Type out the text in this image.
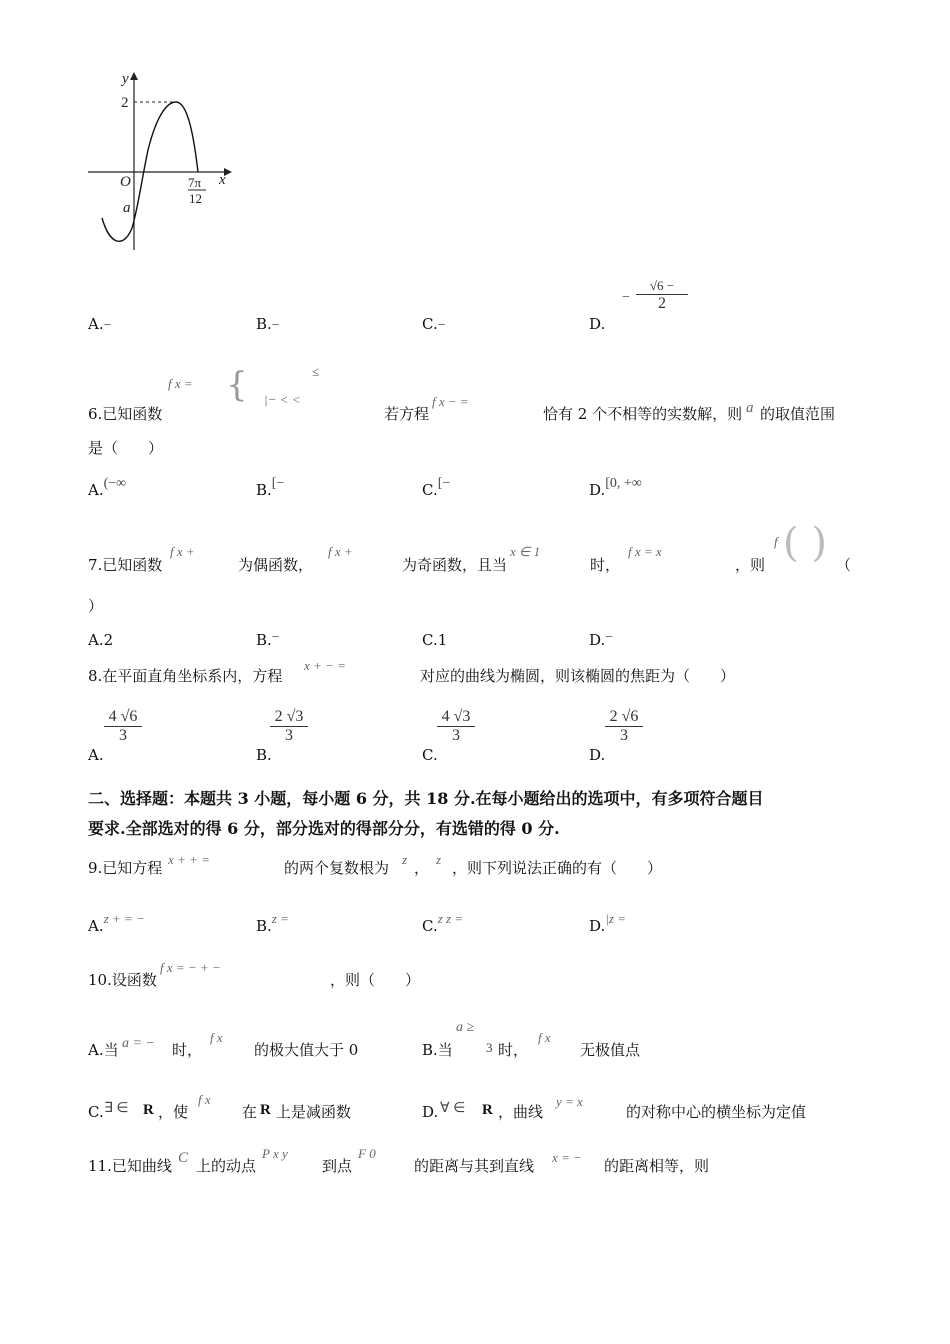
y
x
O
a
2
7π
12
A.−	B.−	C.−	D.
−
√6 −
2
6.已知函数
f x = {	≤
|− < <
若方程
f x − =
恰有 2 个不相等的实数解，则 a 的取值范围
是（　　）
A.(−∞	B.[−	C.[−	D.[0, +∞
7.已知函数
f x +
为偶函数，
f x +
为奇函数，且当
x ∈ 1
时，
f x = x
，则
f ( ) （
）
A.2	B.−	C.1	D.−
8.在平面直角坐标系内，方程
x + − =
对应的曲线为椭圆，则该椭圆的焦距为（　　）
A.
4 √6
3
B.
2 √3
3
C.
4 √3
3
D.
2 √6
3
二、选择题：本题共 3 小题，每小题 6 分，共 18 分.在每小题给出的选项中，有多项符合题目
要求.全部选对的得 6 分，部分选对的得部分分，有选错的得 0 分.
9.已知方程 x + + =	的两个复数根为 z ， z ，则下列说法正确的有（　　）
A.z + = −	B.z =	C.z z =	D.|z =
10.设函数
f x = − + −
，则（　　）
A.当 a = − 时，
f x
的极大值大于 0	B.当
a ≥
3 时，
f x
无极值点
C. ∃ ∈ R ，使
f x
在 R 上是减函数	D. ∀ ∈ R ，曲线
y = x
的对称中心的横坐标为定值
11.已知曲线 C 上的动点
P x y
到点
F 0
的距离与其到直线 x = − 的距离相等，则
